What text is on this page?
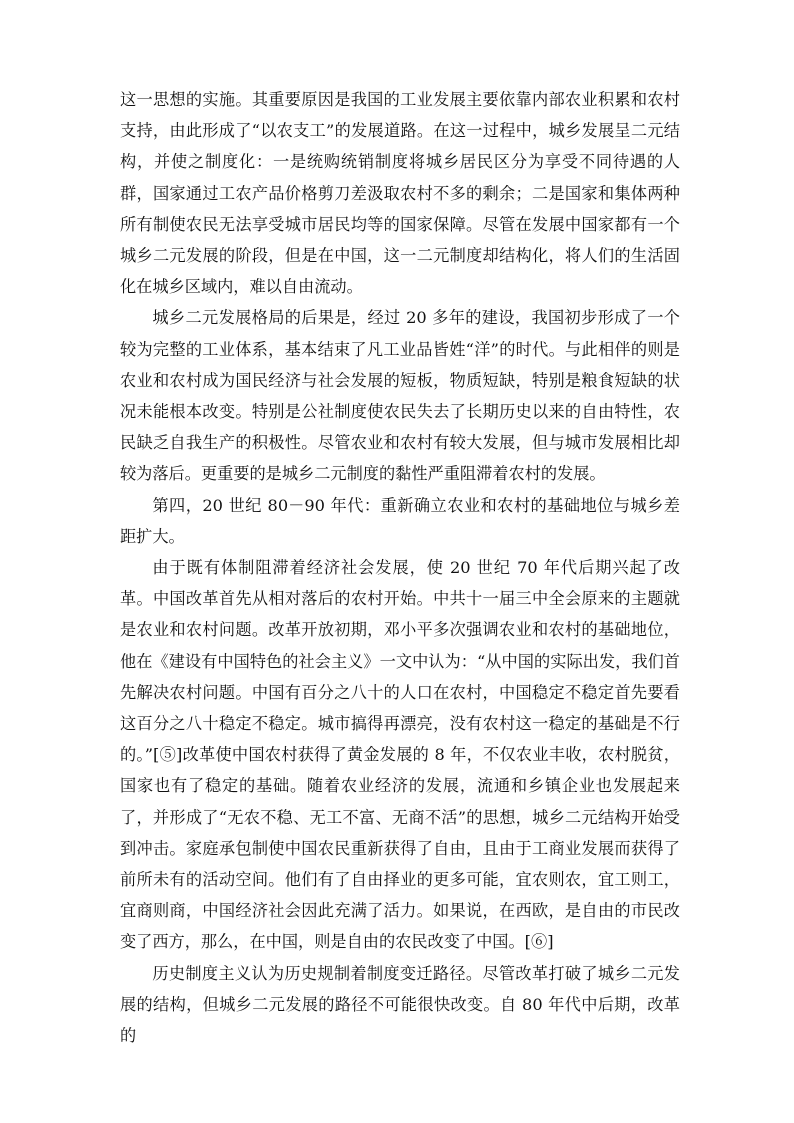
这一思想的实施。其重要原因是我国的工业发展主要依靠内部农业积累和农村支持，由此形成了“以农支工”的发展道路。在这一过程中，城乡发展呈二元结构，并使之制度化：一是统购统销制度将城乡居民区分为享受不同待遇的人群，国家通过工农产品价格剪刀差汲取农村不多的剩余；二是国家和集体两种所有制使农民无法享受城市居民均等的国家保障。尽管在发展中国家都有一个城乡二元发展的阶段，但是在中国，这一二元制度却结构化，将人们的生活固化在城乡区域内，难以自由流动。

城乡二元发展格局的后果是，经过 20 多年的建设，我国初步形成了一个较为完整的工业体系，基本结束了凡工业品皆姓“洋”的时代。与此相伴的则是农业和农村成为国民经济与社会发展的短板，物质短缺，特别是粮食短缺的状况未能根本改变。特别是公社制度使农民失去了长期历史以来的自由特性，农民缺乏自我生产的积极性。尽管农业和农村有较大发展，但与城市发展相比却较为落后。更重要的是城乡二元制度的黏性严重阻滞着农村的发展。

第四，20 世纪 80－90 年代：重新确立农业和农村的基础地位与城乡差距扩大。

由于既有体制阻滞着经济社会发展，使 20 世纪 70 年代后期兴起了改革。中国改革首先从相对落后的农村开始。中共十一届三中全会原来的主题就是农业和农村问题。改革开放初期，邓小平多次强调农业和农村的基础地位，他在《建设有中国特色的社会主义》一文中认为：“从中国的实际出发，我们首先解决农村问题。中国有百分之八十的人口在农村，中国稳定不稳定首先要看这百分之八十稳定不稳定。城市搞得再漂亮，没有农村这一稳定的基础是不行的。”[⑤]改革使中国农村获得了黄金发展的 8 年，不仅农业丰收，农村脱贫，国家也有了稳定的基础。随着农业经济的发展，流通和乡镇企业也发展起来了，并形成了“无农不稳、无工不富、无商不活”的思想，城乡二元结构开始受到冲击。家庭承包制使中国农民重新获得了自由，且由于工商业发展而获得了前所未有的活动空间。他们有了自由择业的更多可能，宜农则农，宜工则工，宜商则商，中国经济社会因此充满了活力。如果说，在西欧，是自由的市民改变了西方，那么，在中国，则是自由的农民改变了中国。[⑥]

历史制度主义认为历史规制着制度变迁路径。尽管改革打破了城乡二元发展的结构，但城乡二元发展的路径不可能很快改变。自 80 年代中后期，改革的
